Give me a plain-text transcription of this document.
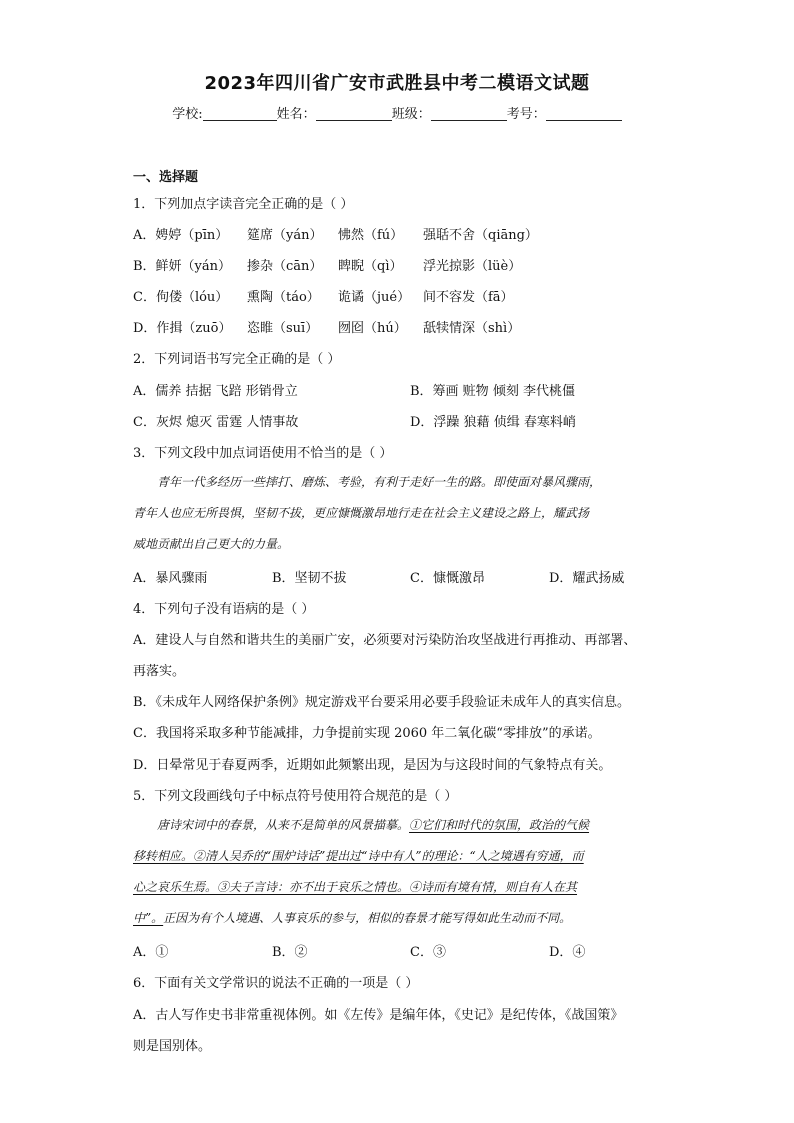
2023年四川省广安市武胜县中考二模语文试题
学校:	姓名：	班级：	考号：
一、选择题
1．下列加点字读音完全正确的是（ ）
A．娉婷（pīn） 筵席（yán） 怫然（fú） 强聒不舍（qiāng）
B．鲜妍（yán） 掺杂（cān） 睥睨（qì） 浮光掠影（lüè）
C．佝偻（lóu） 熏陶（táo） 诡谲（jué） 间不容发（fā）
D．作揖（zuō） 恣睢（suī） 囫囵（hú） 舐犊情深（shì）
2．下列词语书写完全正确的是（ ）
A．儒养 拮据 飞踣 形销骨立	B．筹画 赃物 倾刻 李代桃僵
C．灰烬 熄灭 雷霆 人情事故	D．浮躁 狼藉 侦缉 春寒料峭
3．下列文段中加点词语使用不恰当的是（ ）
青年一代多经历一些摔打、磨炼、考验，有利于走好一生的路。即使面对暴风骤雨，
青年人也应无所畏惧，坚韧不拔，更应慷慨激昂地行走在社会主义建设之路上，耀武扬
威地贡献出自己更大的力量。
A．暴风骤雨	B．坚韧不拔	C．慷慨激昂	D．耀武扬威
4．下列句子没有语病的是（ ）
A．建设人与自然和谐共生的美丽广安，必须要对污染防治攻坚战进行再推动、再部署、
再落实。
B．《未成年人网络保护条例》规定游戏平台要采用必要手段验证未成年人的真实信息。
C．我国将采取多种节能减排，力争提前实现 2060 年二氧化碳“零排放”的承诺。
D．日晕常见于春夏两季，近期如此频繁出现，是因为与这段时间的气象特点有关。
5．下列文段画线句子中标点符号使用符合规范的是（ ）
唐诗宋词中的春景，从来不是简单的风景描摹。①它们和时代的氛围，政治的气候
移转相应。②清人吴乔的“围炉诗话”提出过“诗中有人”的理论：“人之境遇有穷通，而
心之哀乐生焉。③夫子言诗：亦不出于哀乐之情也。④诗而有境有情，则自有人在其
中”。正因为有个人境遇、人事哀乐的参与，相似的春景才能写得如此生动而不同。
A．①	B．②	C．③	D．④
6．下面有关文学常识的说法不正确的一项是（ ）
A．古人写作史书非常重视体例。如《左传》是编年体，《史记》是纪传体，《战国策》
则是国别体。
